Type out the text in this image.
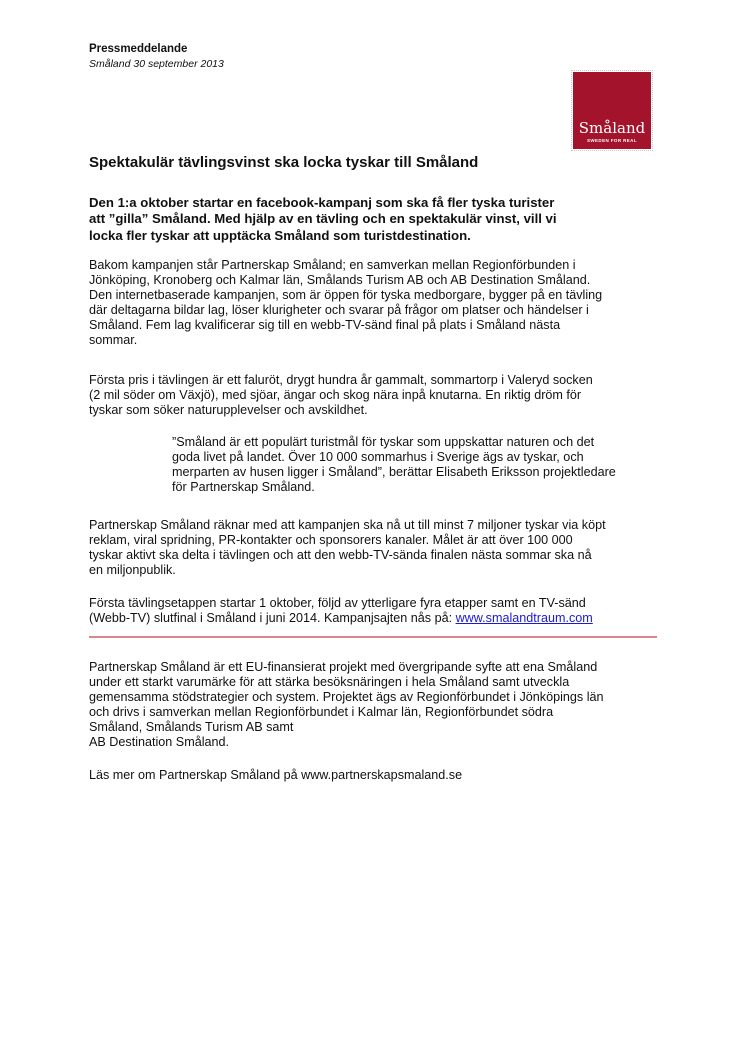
Pressmeddelande
Småland 30 september 2013
Småland
SWEDEN FOR REAL
Spektakulär tävlingsvinst ska locka tyskar till Småland
Den 1:a oktober startar en facebook-kampanj som ska få fler tyska turister
att ”gilla” Småland. Med hjälp av en tävling och en spektakulär vinst, vill vi
locka fler tyskar att upptäcka Småland som turistdestination.
Bakom kampanjen står Partnerskap Småland; en samverkan mellan Regionförbunden i
Jönköping, Kronoberg och Kalmar län, Smålands Turism AB och AB Destination Småland.
Den internetbaserade kampanjen, som är öppen för tyska medborgare, bygger på en tävling
där deltagarna bildar lag, löser klurigheter och svarar på frågor om platser och händelser i
Småland. Fem lag kvalificerar sig till en webb-TV-sänd final på plats i Småland nästa
sommar.
Första pris i tävlingen är ett faluröt, drygt hundra år gammalt, sommartorp i Valeryd socken
(2 mil söder om Växjö), med sjöar, ängar och skog nära inpå knutarna. En riktig dröm för
tyskar som söker naturupplevelser och avskildhet.
”Småland är ett populärt turistmål för tyskar som uppskattar naturen och det
goda livet på landet. Över 10 000 sommarhus i Sverige ägs av tyskar, och
merparten av husen ligger i Småland”, berättar Elisabeth Eriksson projektledare
för Partnerskap Småland.
Partnerskap Småland räknar med att kampanjen ska nå ut till minst 7 miljoner tyskar via köpt
reklam, viral spridning, PR-kontakter och sponsorers kanaler. Målet är att över 100 000
tyskar aktivt ska delta i tävlingen och att den webb-TV-sända finalen nästa sommar ska nå
en miljonpublik.
Första tävlingsetappen startar 1 oktober, följd av ytterligare fyra etapper samt en TV-sänd
(Webb-TV) slutfinal i Småland i juni 2014. Kampanjsajten nås på: www.smalandtraum.com
Partnerskap Småland är ett EU-finansierat projekt med övergripande syfte att ena Småland
under ett starkt varumärke för att stärka besöksnäringen i hela Småland samt utveckla
gemensamma stödstrategier och system. Projektet ägs av Regionförbundet i Jönköpings län
och drivs i samverkan mellan Regionförbundet i Kalmar län, Regionförbundet södra
Småland, Smålands Turism AB samt
AB Destination Småland.
Läs mer om Partnerskap Småland på www.partnerskapsmaland.se
